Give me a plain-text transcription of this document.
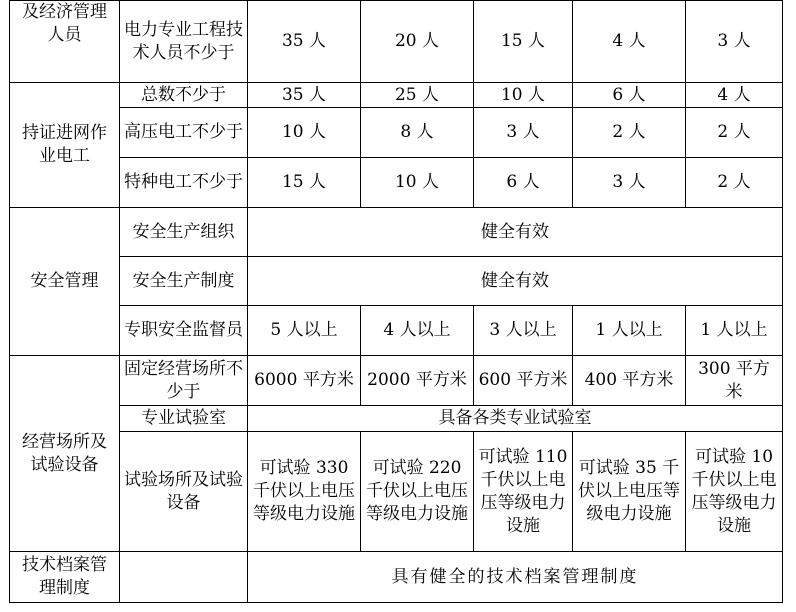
及经济管理人员	电力专业工程技术人员不少于	35 人	20 人	15 人	4 人	3 人
持证进网作业电工	总数不少于	35 人	25 人	10 人	6 人	4 人
	高压电工不少于	10 人	8 人	3 人	2 人	2 人
	特种电工不少于	15 人	10 人	6 人	3 人	2 人
安全管理	安全生产组织	健全有效				
	安全生产制度	健全有效				
	专职安全监督员	5 人以上	4 人以上	3 人以上	1 人以上	1 人以上
经营场所及试验设备	固定经营场所不少于	6000 平方米	2000 平方米	600 平方米	400 平方米	300 平方米
	专业试验室	具备各类专业试验室				
	试验场所及试验设备	可试验 330 千伏以上电压等级电力设施	可试验 220 千伏以上电压等级电力设施	可试验 110 千伏以上电压等级电力设施	可试验 35 千伏以上电压等级电力设施	可试验 10 千伏以上电压等级电力设施

技术档案管理制度		具有健全的技术档案管理制度				
